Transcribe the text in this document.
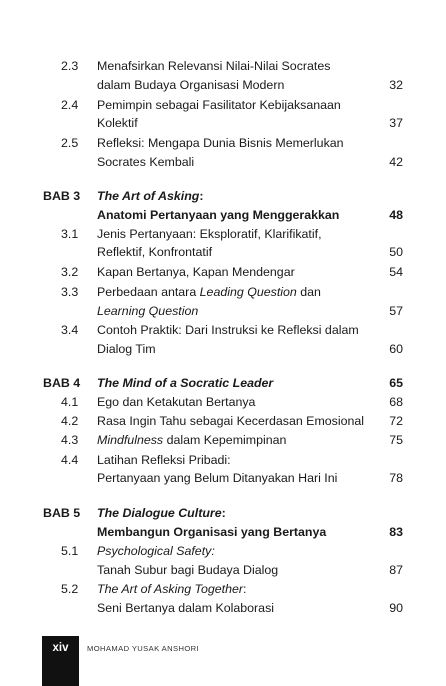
2.3	Menafsirkan Relevansi Nilai-Nilai Socrates
dalam Budaya Organisasi Modern	32
2.4	Pemimpin sebagai Fasilitator Kebijaksanaan
Kolektif	37
2.5	Refleksi: Mengapa Dunia Bisnis Memerlukan
Socrates Kembali	42
BAB 3 The Art of Asking:
Anatomi Pertanyaan yang Menggerakkan	48
3.1	Jenis Pertanyaan: Eksploratif, Klarifikatif,
Reflektif, Konfrontatif	50
3.2	Kapan Bertanya, Kapan Mendengar	54
3.3	Perbedaan antara Leading Question dan
Learning Question	57
3.4	Contoh Praktik: Dari Instruksi ke Refleksi dalam
Dialog Tim	60
BAB 4 The Mind of a Socratic Leader	65
4.1	Ego dan Ketakutan Bertanya	68
4.2	Rasa Ingin Tahu sebagai Kecerdasan Emosional 72
4.3	Mindfulness dalam Kepemimpinan	75
4.4	Latihan Refleksi Pribadi:
Pertanyaan yang Belum Ditanyakan Hari Ini	78
BAB 5 The Dialogue Culture:
Membangun Organisasi yang Bertanya	83
5.1	Psychological Safety:
Tanah Subur bagi Budaya Dialog	87
5.2	The Art of Asking Together:
Seni Bertanya dalam Kolaborasi	90
xiv	MOHAMAD YUSAK ANSHORI
